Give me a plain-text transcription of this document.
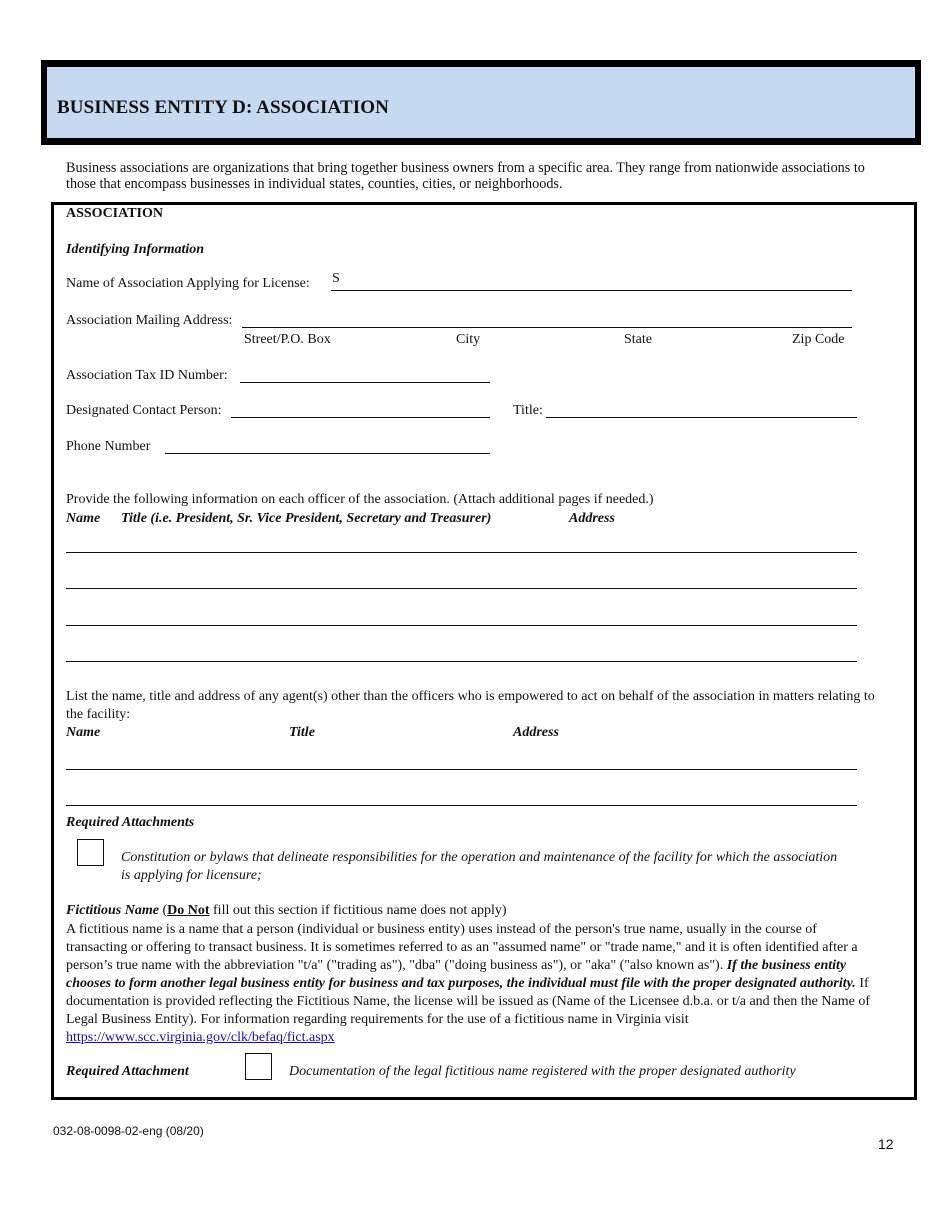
BUSINESS ENTITY D: ASSOCIATION
Business associations are organizations that bring together business owners from a specific area. They range from nationwide associations to those that encompass businesses in individual states, counties, cities, or neighborhoods.
ASSOCIATION
Identifying Information
Name of Association Applying for License: S
Association Mailing Address:
Street/P.O. Box	City	State	Zip Code
Association Tax ID Number:
Designated Contact Person:	Title:
Phone Number
Provide the following information on each officer of the association. (Attach additional pages if needed.)
Name Title (i.e. President, Sr. Vice President, Secretary and Treasurer)	Address
List the name, title and address of any agent(s) other than the officers who is empowered to act on behalf of the association in matters relating to the facility:
Name	Title	Address
Required Attachments
Constitution or bylaws that delineate responsibilities for the operation and maintenance of the facility for which the association is applying for licensure;
Fictitious Name (Do Not fill out this section if fictitious name does not apply)
A fictitious name is a name that a person (individual or business entity) uses instead of the person's true name, usually in the course of transacting or offering to transact business. It is sometimes referred to as an "assumed name" or "trade name," and it is often identified after a person’s true name with the abbreviation "t/a" ("trading as"), "dba" ("doing business as"), or "aka" ("also known as"). If the business entity chooses to form another legal business entity for business and tax purposes, the individual must file with the proper designated authority. If documentation is provided reflecting the Fictitious Name, the license will be issued as (Name of the Licensee d.b.a. or t/a and then the Name of Legal Business Entity). For information regarding requirements for the use of a fictitious name in Virginia visit https://www.scc.virginia.gov/clk/befaq/fict.aspx
Required Attachment	Documentation of the legal fictitious name registered with the proper designated authority
032-08-0098-02-eng (08/20)
12
